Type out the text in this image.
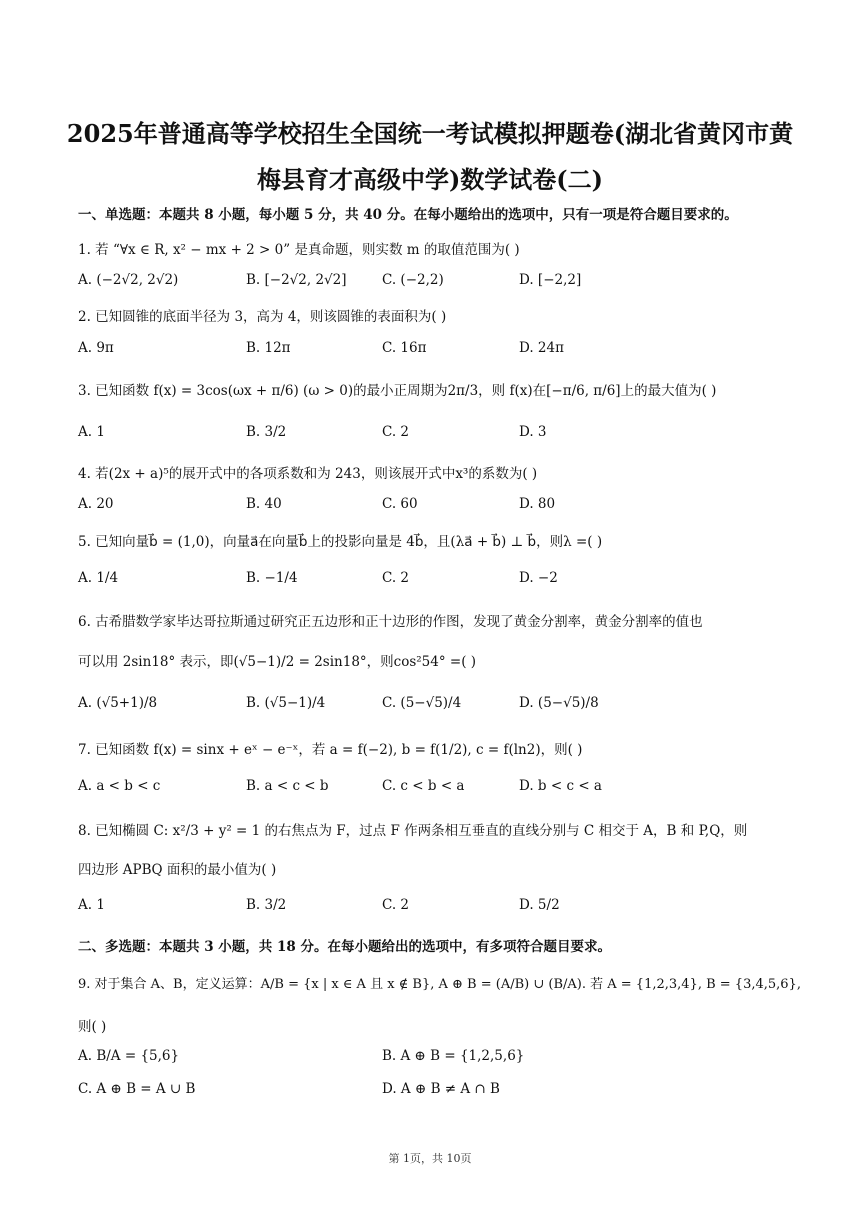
2025年普通高等学校招生全国统一考试模拟押题卷(湖北省黄冈市黄
梅县育才高级中学)数学试卷(二)
一、单选题：本题共 8 小题，每小题 5 分，共 40 分。在每小题给出的选项中，只有一项是符合题目要求的。
1. 若 “∀x ∈ R, x² − mx + 2 > 0” 是真命题，则实数 m 的取值范围为( )
A. (−2√2, 2√2)	B. [−2√2, 2√2]	C. (−2,2)	D. [−2,2]
2. 已知圆锥的底面半径为 3，高为 4，则该圆锥的表面积为( )
A. 9π	B. 12π	C. 16π	D. 24π
3. 已知函数 f(x) = 3cos(ωx + π/6) (ω > 0)的最小正周期为2π/3，则 f(x)在[−π/6, π/6]上的最大值为( )
A. 1	B. 3/2	C. 2	D. 3
4. 若(2x + a)⁵的展开式中的各项系数和为 243，则该展开式中x³的系数为( )
A. 20	B. 40	C. 60	D. 80
5. 已知向量b⃗ = (1,0)，向量a⃗在向量b⃗上的投影向量是 4b⃗，且(λa⃗ + b⃗) ⊥ b⃗，则λ =( )
A. 1/4	B. −1/4	C. 2	D. −2
6. 古希腊数学家毕达哥拉斯通过研究正五边形和正十边形的作图，发现了黄金分割率，黄金分割率的值也
可以用 2sin18° 表示，即(√5−1)/2 = 2sin18°，则cos²54° =( )
A. (√5+1)/8	B. (√5−1)/4	C. (5−√5)/4	D. (5−√5)/8
7. 已知函数 f(x) = sinx + eˣ − e⁻ˣ，若 a = f(−2), b = f(1/2), c = f(ln2)，则( )
A. a < b < c	B. a < c < b	C. c < b < a	D. b < c < a
8. 已知椭圆 C: x²/3 + y² = 1 的右焦点为 F，过点 F 作两条相互垂直的直线分别与 C 相交于 A，B 和 P,Q，则
四边形 APBQ 面积的最小值为( )
A. 1	B. 3/2	C. 2	D. 5/2
二、多选题：本题共 3 小题，共 18 分。在每小题给出的选项中，有多项符合题目要求。
9. 对于集合 A、B，定义运算：A/B = {x | x ∈ A 且 x ∉ B}, A ⊕ B = (A/B) ∪ (B/A). 若 A = {1,2,3,4}, B = {3,4,5,6},
则( )
A. B/A = {5,6}	B. A ⊕ B = {1,2,5,6}
C. A ⊕ B = A ∪ B	D. A ⊕ B ≠ A ∩ B
第 1页，共 10页
